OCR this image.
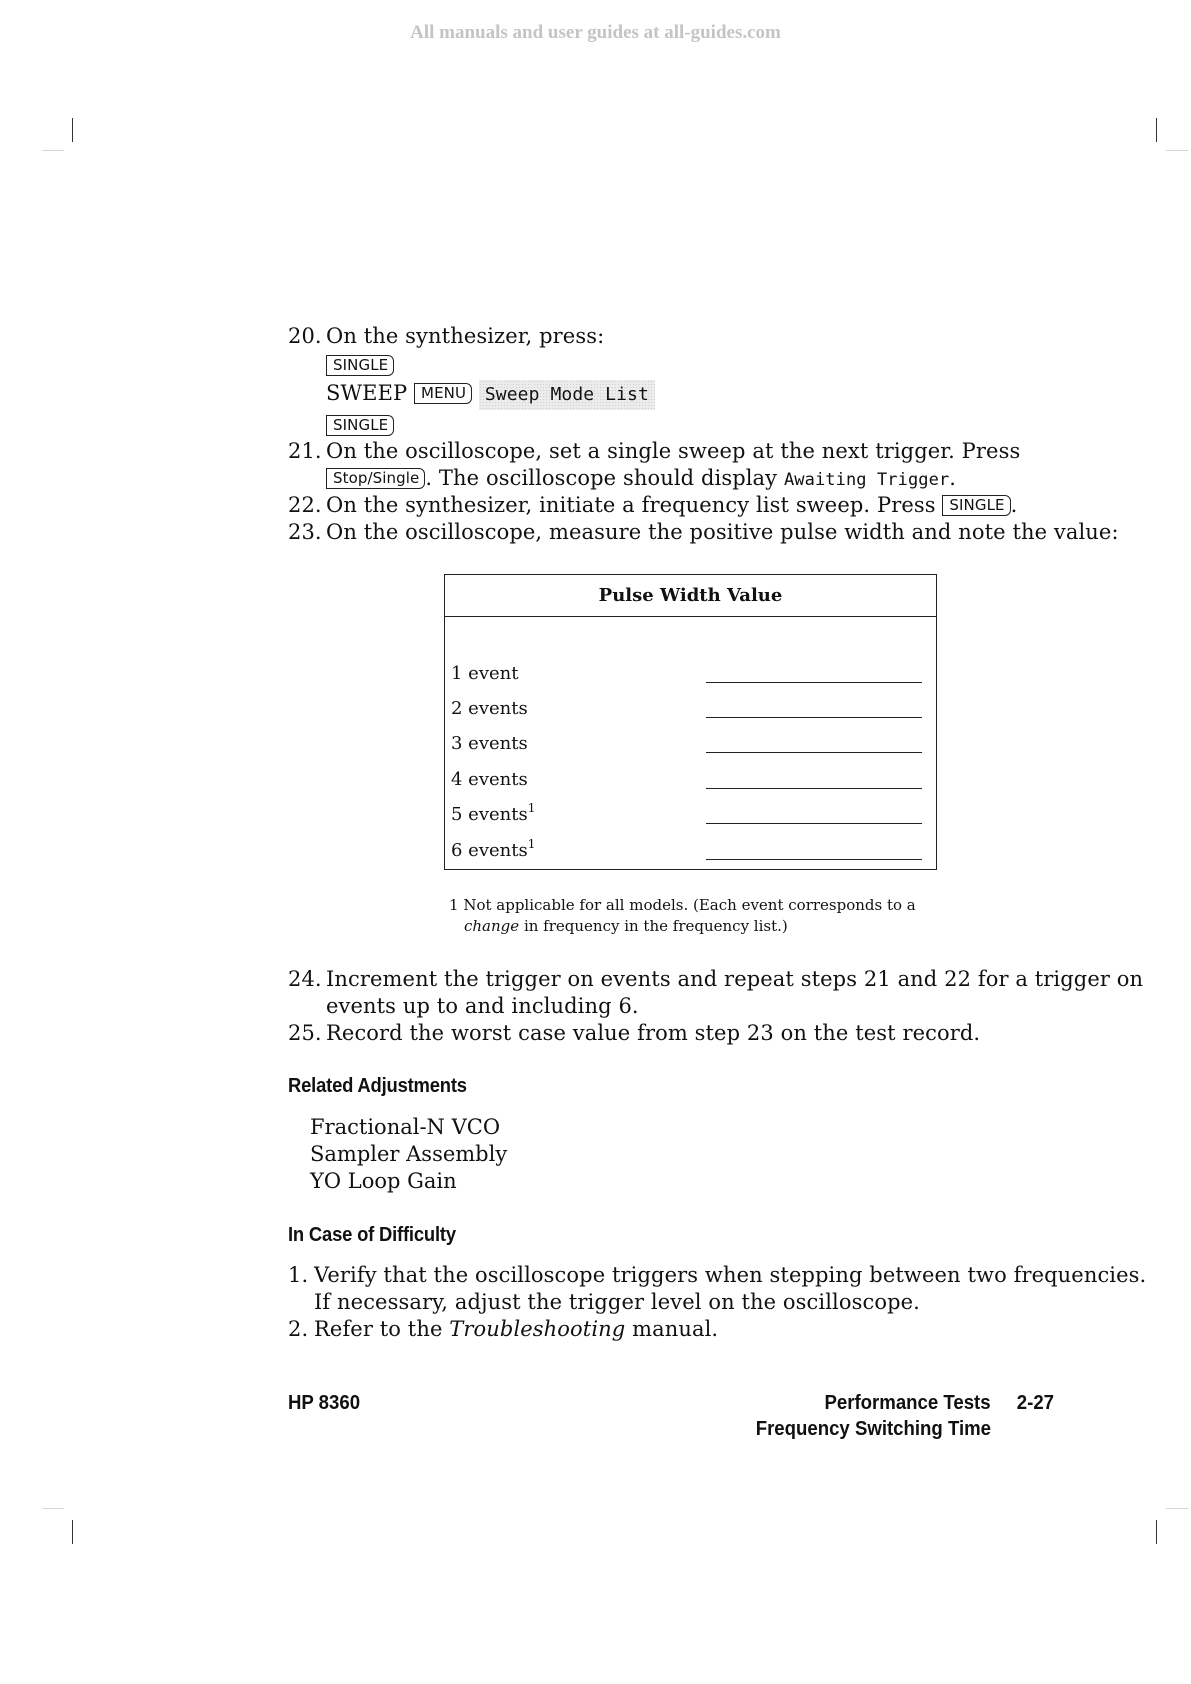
All manuals and user guides at all-guides.com
20. On the synthesizer, press:
SINGLE
SWEEP MENU Sweep Mode List
SINGLE
21. On the oscilloscope, set a single sweep at the next trigger. Press
Stop/Single . The oscilloscope should display Awaiting Trigger.
22. On the synthesizer, initiate a frequency list sweep. Press SINGLE .
23. On the oscilloscope, measure the positive pulse width and note the value:
Pulse Width Value
1 event
2 events
3 events
4 events
5 events$^1$
6 events$^1$
1 Not applicable for all models. (Each event corresponds to a
change in frequency in the frequency list.)
24. Increment the trigger on events and repeat steps 21 and 22 for a trigger on
events up to and including 6.
25. Record the worst case value from step 23 on the test record.
Related Adjustments
Fractional-N VCO
Sampler Assembly
YO Loop Gain
In Case of Difficulty
1. Verify that the oscilloscope triggers when stepping between two frequencies.
If necessary, adjust the trigger level on the oscilloscope.
2. Refer to the Troubleshooting manual.
HP 8360	Performance Tests 2-27
Frequency Switching Time
